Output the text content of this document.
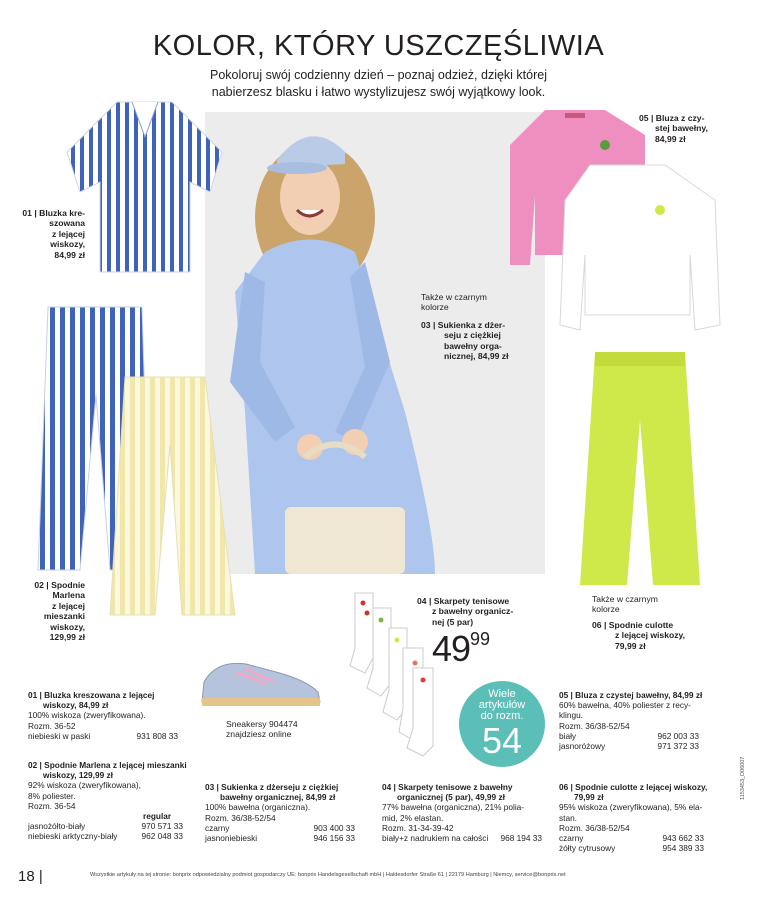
KOLOR, KTÓRY USZCZĘŚLIWIA
Pokoloruj swój codzienny dzień – poznaj odzież, dzięki której
nabierzesz blasku i łatwo wystylizujesz swój wyjątkowy look.
01 | Bluzka kre-
szowana
z lejącej
wiskozy,
84,99 zł
02 | Spodnie
Marlena
z lejącej
mieszanki
wiskozy,
129,99 zł
Także w czarnym
kolorze
03 | Sukienka z dżer-
seju z ciężkiej
bawełny orga-
nicznej, 84,99 zł
05 | Bluza z czy-
stej bawełny,
84,99 zł
Także w czarnym
kolorze
06 | Spodnie culotte
z lejącej wiskozy,
79,99 zł
04 | Skarpety tenisowe
z bawełny organicz-
nej (5 par)
$49^{99}$
Sneakersy 904474
znajdziesz online
Wiele
artykułów
do rozm.
54
01 | Bluzka kreszowana z lejącej
wiskozy, 84,99 zł
100% wiskoza (zweryfikowana).
Rozm. 36-52
niebieski w paski	931 808 33
02 | Spodnie Marlena z lejącej mieszanki
wiskozy, 129,99 zł
92% wiskoza (zweryfikowana),
8% poliester.
Rozm. 36-54
regular
jasnożółto-biały	970 571 33
niebieski arktyczny-biały	962 048 33
03 | Sukienka z dżerseju z ciężkiej
bawełny organicznej, 84,99 zł
100% bawełna (organiczna).
Rozm. 36/38-52/54
czarny	903 400 33
jasnoniebieski	946 156 33
04 | Skarpety tenisowe z bawełny
organicznej (5 par), 49,99 zł
77% bawełna (organiczna), 21% polia-
mid, 2% elastan.
Rozm. 31-34-39-42
biały+z nadrukiem na całości 968 194 33
05 | Bluza z czystej bawełny, 84,99 zł
60% bawełna, 40% poliester z recy-
klingu.
Rozm. 36/38-52/54
biały	962 003 33
jasnoróżowy	971 372 33
06 | Spodnie culotte z lejącej wiskozy,
79,99 zł
95% wiskoza (zweryfikowana), 5% ela-
stan.
Rozm. 36/38-52/54
czarny	943 662 33
żółty cytrusowy	954 389 33
1153453_D06007
18 |	Wszystkie artykuły na tej stronie: bonprix odpowiedzialny podmiot gospodarczy UE: bonprix Handelsgesellschaft mbH | Haldesdorfer Straße 61 | 22179 Hamburg | Niemcy, service@bonprix.net
